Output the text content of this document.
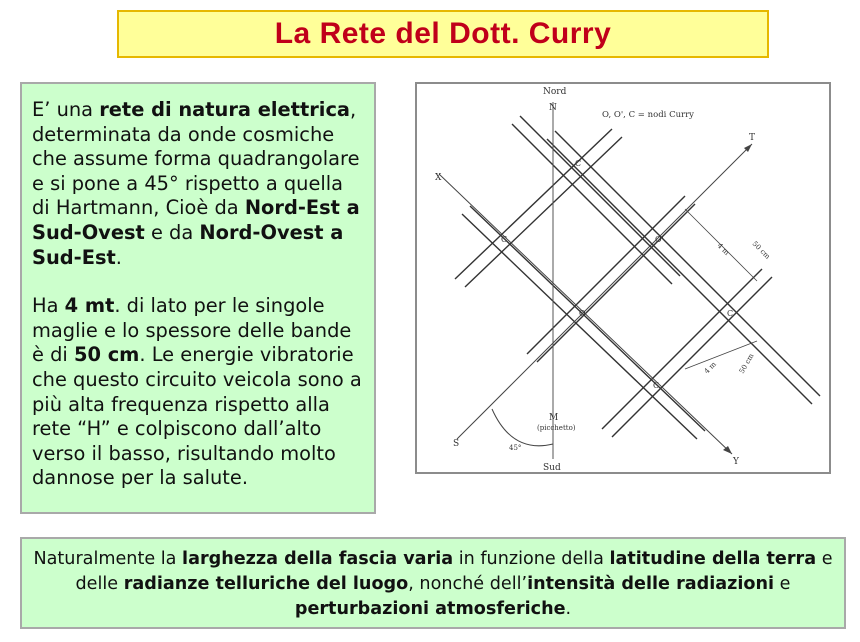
La Rete del Dott. Curry

E’ una rete di natura elettrica, determinata da onde cosmiche che assume forma quadrangolare e si pone a 45° rispetto a quella di Hartmann, Cioè da Nord-Est a Sud-Ovest e da Nord-Ovest a Sud-Est.

Ha 4 mt. di lato per le singole maglie e lo spessore delle bande è di 50 cm. Le energie vibratorie che questo circuito veicola sono a più alta frequenza rispetto alla rete “H” e colpiscono dall’alto verso il basso, risultando molto dannose per la salute.

Nord
N
O, O', C = nodi Curry
T
X
S
Y
C
C	O'
O	C
C
4 m	50 cm
4 m	50 cm
M
(picchetto)
45°
Sud

Naturalmente la larghezza della fascia varia in funzione della latitudine della terra e delle radianze telluriche del luogo, nonché dell’intensità delle radiazioni e perturbazioni atmosferiche.
